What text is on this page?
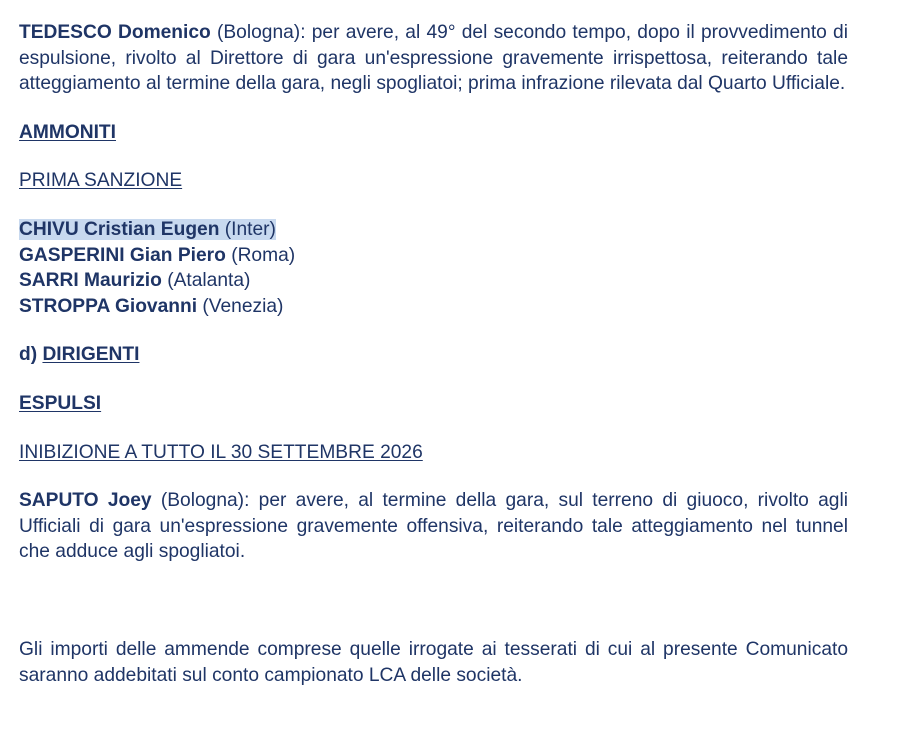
TEDESCO Domenico (Bologna): per avere, al 49° del secondo tempo, dopo il provvedimento di espulsione, rivolto al Direttore di gara un'espressione gravemente irrispettosa, reiterando tale atteggiamento al termine della gara, negli spogliatoi; prima infrazione rilevata dal Quarto Ufficiale.

AMMONITI

PRIMA SANZIONE

CHIVU Cristian Eugen (Inter)

GASPERINI Gian Piero (Roma)

SARRI Maurizio (Atalanta)

STROPPA Giovanni (Venezia)

d) DIRIGENTI

ESPULSI

INIBIZIONE A TUTTO IL 30 SETTEMBRE 2026

SAPUTO Joey (Bologna): per avere, al termine della gara, sul terreno di giuoco, rivolto agli Ufficiali di gara un'espressione gravemente offensiva, reiterando tale atteggiamento nel tunnel che adduce agli spogliatoi.

Gli importi delle ammende comprese quelle irrogate ai tesserati di cui al presente Comunicato saranno addebitati sul conto campionato LCA delle società.
